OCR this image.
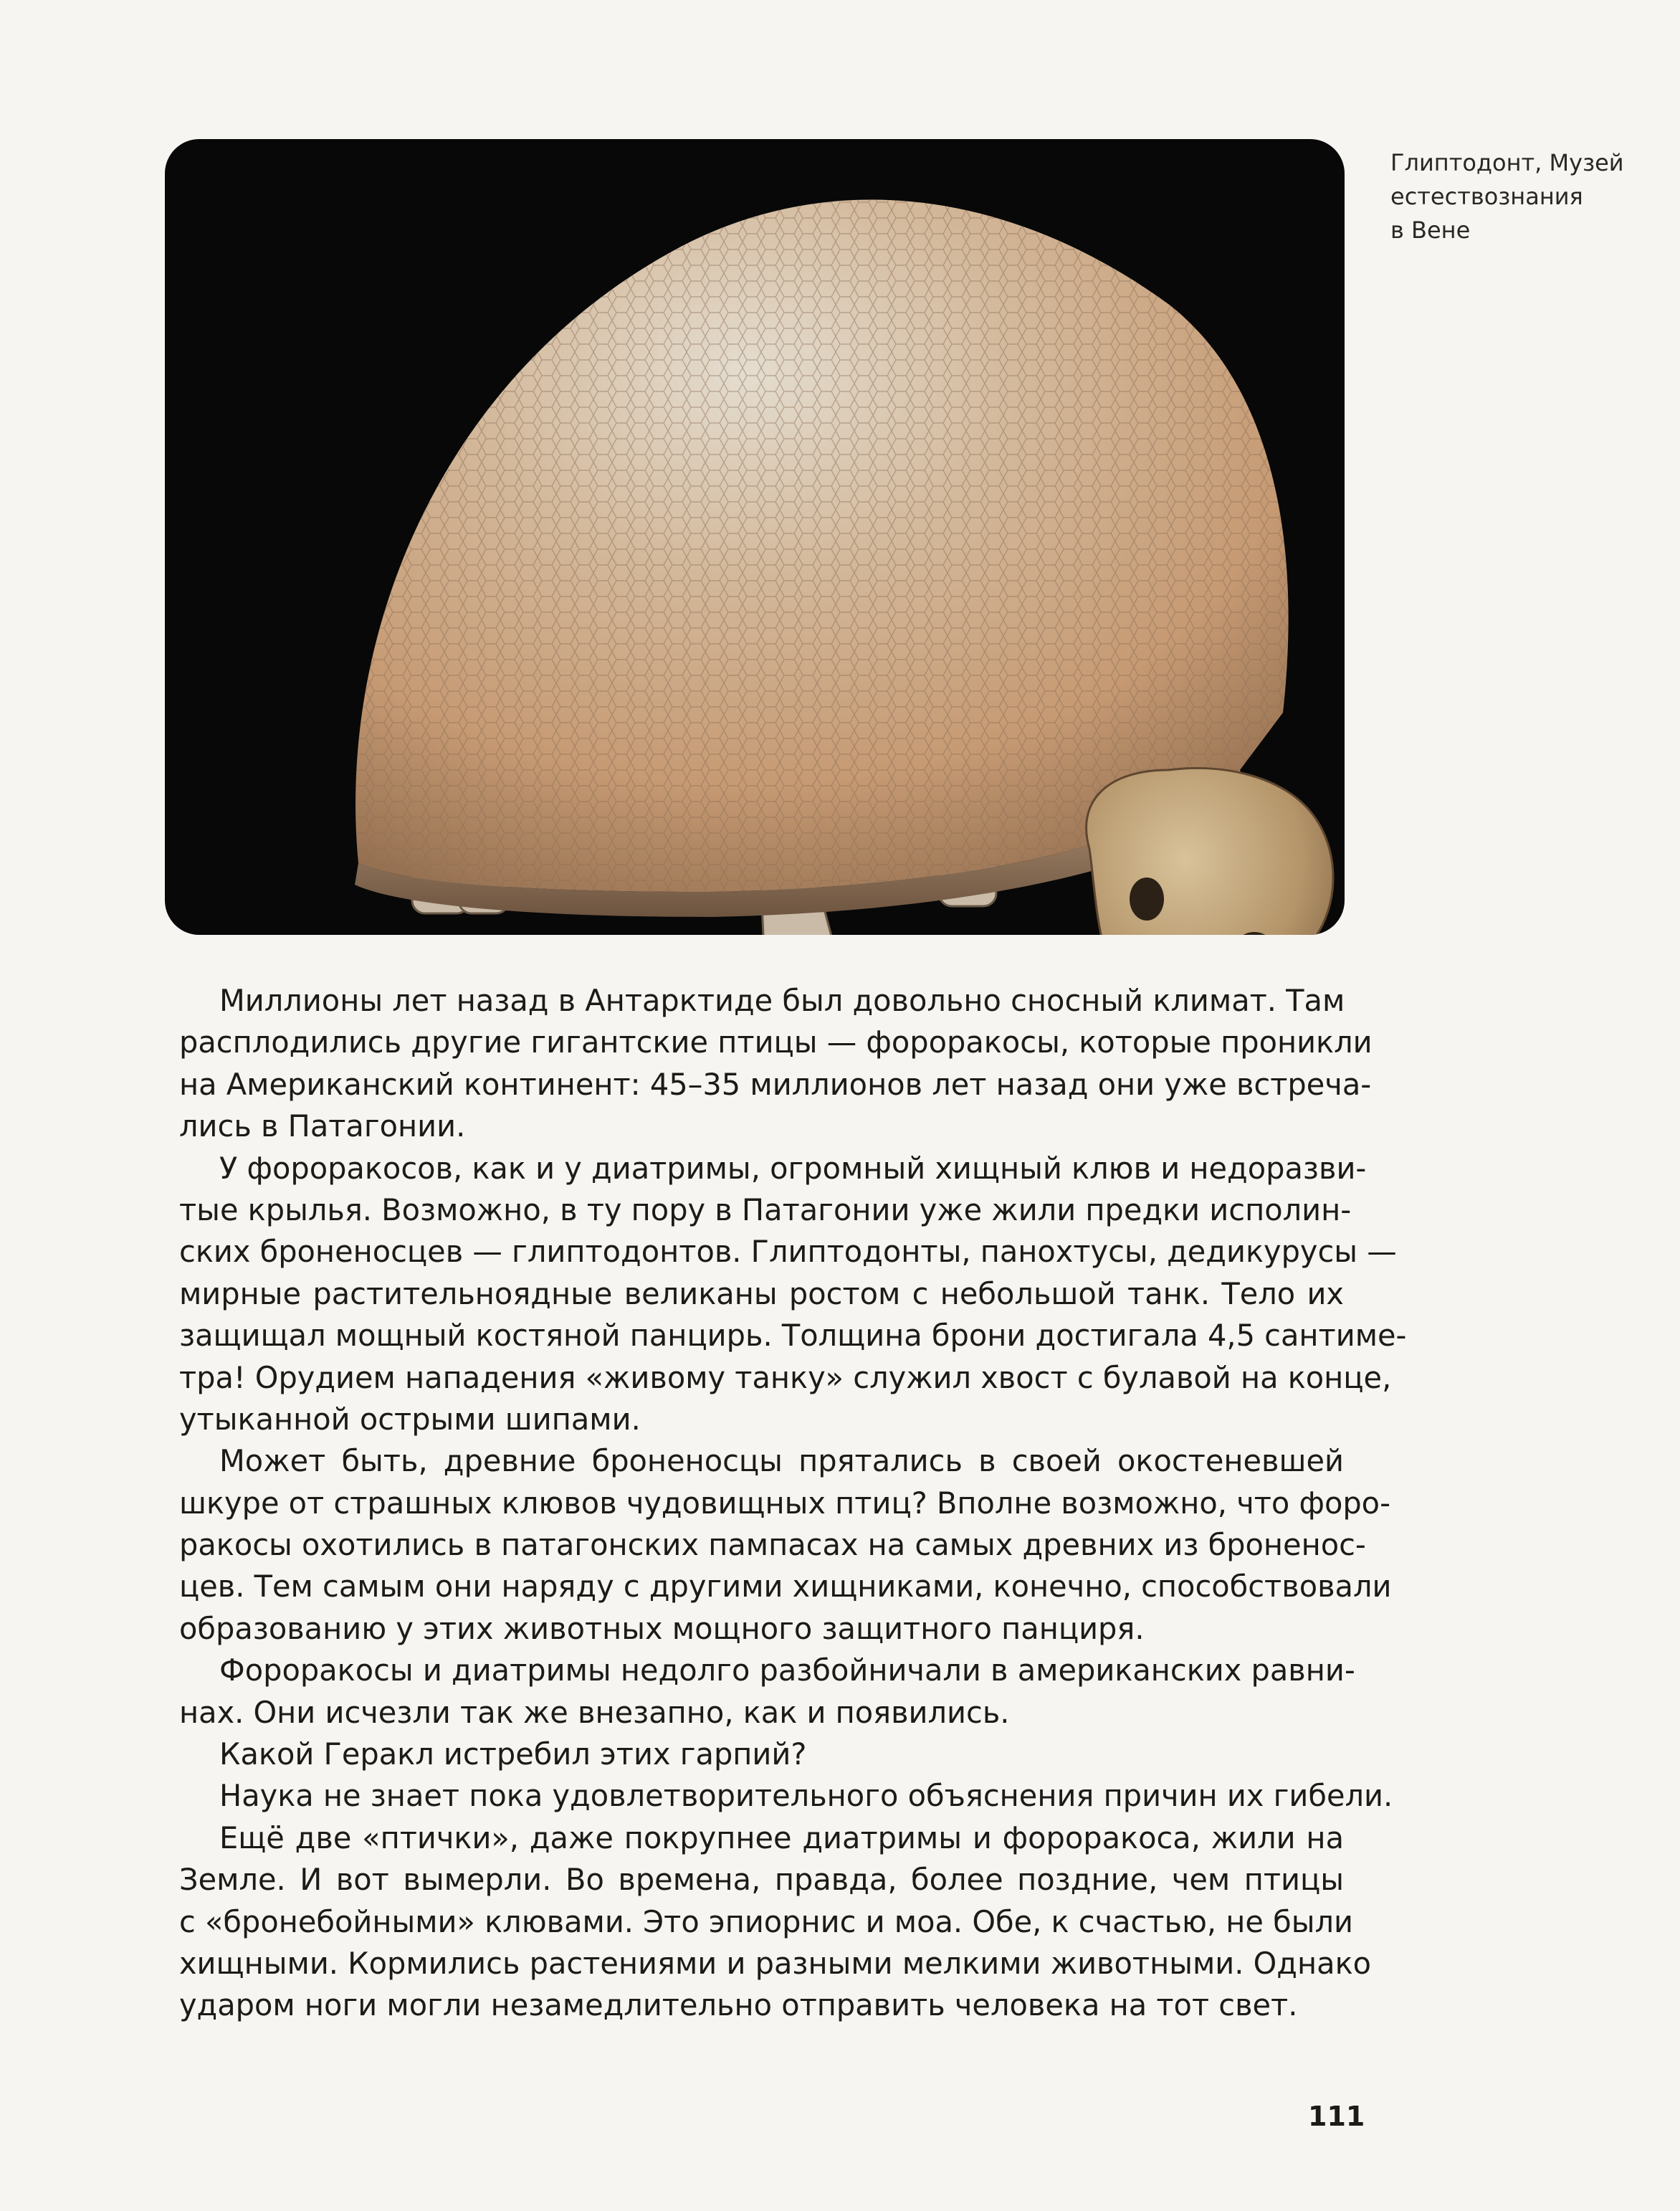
Глиптодонт, Музей
естествознания
в Вене
Миллионы лет назад в Антарктиде был довольно сносный климат. Там
расплодились другие гигантские птицы — фороракосы, которые проникли
на Американский континент: 45–35 миллионов лет назад они уже встреча-
лись в Патагонии.
У фороракосов, как и у диатримы, огромный хищный клюв и недоразви-
тые крылья. Возможно, в ту пору в Патагонии уже жили предки исполин-
ских броненосцев — глиптодонтов. Глиптодонты, панохтусы, дедикурусы —
мирные растительноядные великаны ростом с небольшой танк. Тело их
защищал мощный костяной панцирь. Толщина брони достигала 4,5 сантиме-
тра! Орудием нападения «живому танку» служил хвост с булавой на конце,
утыканной острыми шипами.
Может быть, древние броненосцы прятались в своей окостеневшей
шкуре от страшных клювов чудовищных птиц? Вполне возможно, что форо-
ракосы охотились в патагонских пампасах на самых древних из броненос-
цев. Тем самым они наряду с другими хищниками, конечно, способствовали
образованию у этих животных мощного защитного панциря.
Фороракосы и диатримы недолго разбойничали в американских равни-
нах. Они исчезли так же внезапно, как и появились.
Какой Геракл истребил этих гарпий?
Наука не знает пока удовлетворительного объяснения причин их гибели.
Ещё две «птички», даже покрупнее диатримы и фороракоса, жили на
Земле. И вот вымерли. Во времена, правда, более поздние, чем птицы
с «бронебойными» клювами. Это эпиорнис и моа. Обе, к счастью, не были
хищными. Кормились растениями и разными мелкими животными. Однако
ударом ноги могли незамедлительно отправить человека на тот свет.
111
